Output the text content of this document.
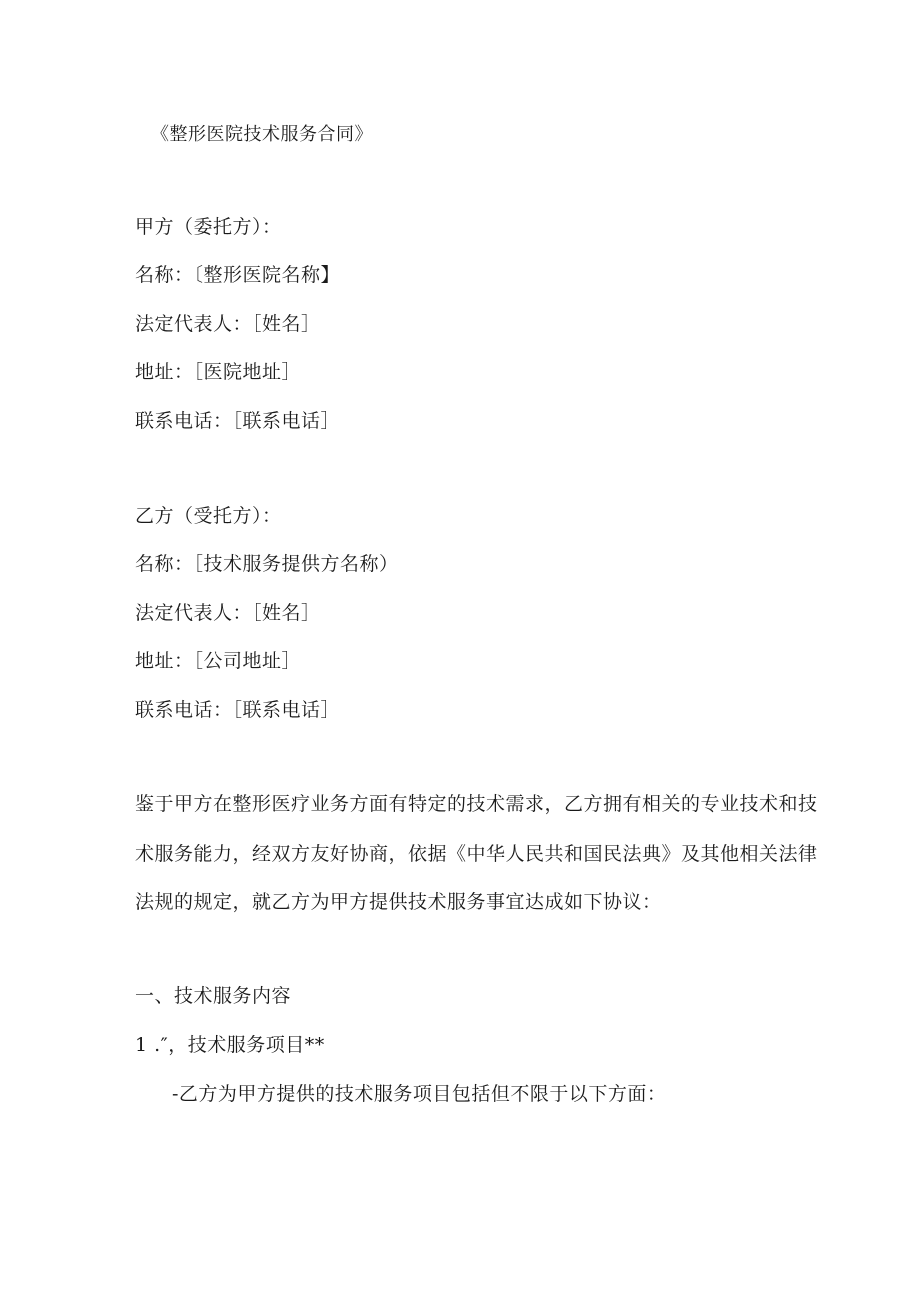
《整形医院技术服务合同》
甲方（委托方）：
名称：〔整形医院名称】
法定代表人：［姓名］
地址：［医院地址］
联系电话：［联系电话］
乙方（受托方）：
名称：［技术服务提供方名称）
法定代表人：［姓名］
地址：［公司地址］
联系电话：［联系电话］
鉴于甲方在整形医疗业务方面有特定的技术需求，乙方拥有相关的专业技术和技
术服务能力，经双方友好协商，依据《中华人民共和国民法典》及其他相关法律
法规的规定，就乙方为甲方提供技术服务事宜达成如下协议：
一、技术服务内容
1 .″，技术服务项目**
-乙方为甲方提供的技术服务项目包括但不限于以下方面：
